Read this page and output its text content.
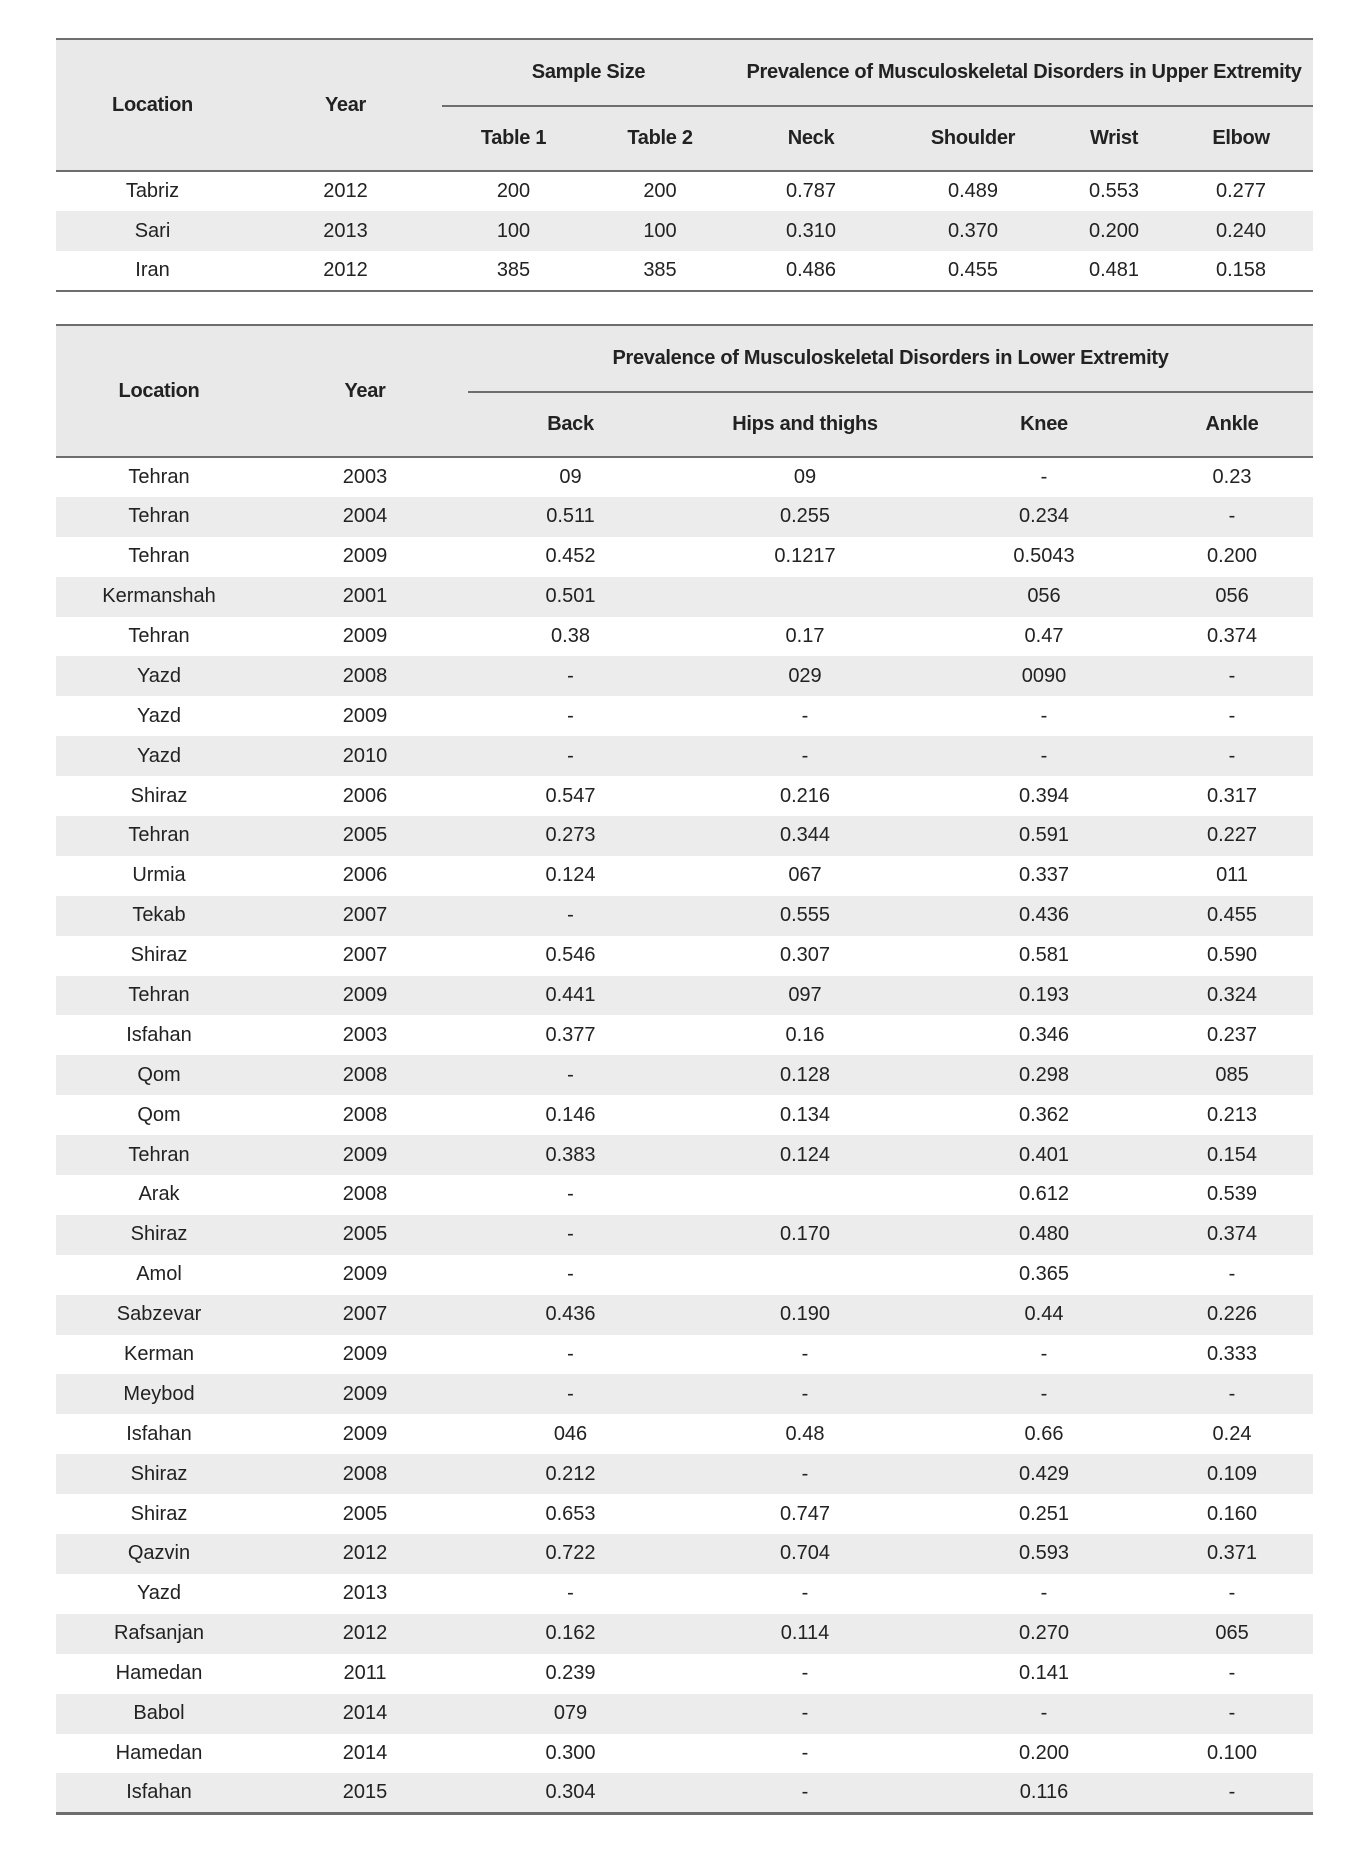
Location	Year	Sample Size		Prevalence of Musculoskeletal Disorders in Upper Extremity			
		Table 1	Table 2	Neck	Shoulder	Wrist	Elbow
Tabriz	2012	200	200	0.787	0.489	0.553	0.277
Sari	2013	100	100	0.310	0.370	0.200	0.240
Iran	2012	385	385	0.486	0.455	0.481	0.158
Location	Year	Prevalence of Musculoskeletal Disorders in Lower Extremity			
		Back	Hips and thighs	Knee	Ankle
Tehran	2003	09	09	-	0.23
Tehran	2004	0.511	0.255	0.234	-
Tehran	2009	0.452	0.1217	0.5043	0.200
Kermanshah	2001	0.501		056	056
Tehran	2009	0.38	0.17	0.47	0.374
Yazd	2008	-	029	0090	-
Yazd	2009	-	-	-	-
Yazd	2010	-	-	-	-
Shiraz	2006	0.547	0.216	0.394	0.317
Tehran	2005	0.273	0.344	0.591	0.227
Urmia	2006	0.124	067	0.337	011
Tekab	2007	-	0.555	0.436	0.455
Shiraz	2007	0.546	0.307	0.581	0.590
Tehran	2009	0.441	097	0.193	0.324
Isfahan	2003	0.377	0.16	0.346	0.237
Qom	2008	-	0.128	0.298	085
Qom	2008	0.146	0.134	0.362	0.213
Tehran	2009	0.383	0.124	0.401	0.154
Arak	2008	-		0.612	0.539
Shiraz	2005	-	0.170	0.480	0.374
Amol	2009	-		0.365	-
Sabzevar	2007	0.436	0.190	0.44	0.226
Kerman	2009	-	-	-	0.333
Meybod	2009	-	-	-	-
Isfahan	2009	046	0.48	0.66	0.24
Shiraz	2008	0.212	-	0.429	0.109
Shiraz	2005	0.653	0.747	0.251	0.160
Qazvin	2012	0.722	0.704	0.593	0.371
Yazd	2013	-	-	-	-
Rafsanjan	2012	0.162	0.114	0.270	065
Hamedan	2011	0.239	-	0.141	-
Babol	2014	079	-	-	-
Hamedan	2014	0.300	-	0.200	0.100
Isfahan	2015	0.304	-	0.116	-
